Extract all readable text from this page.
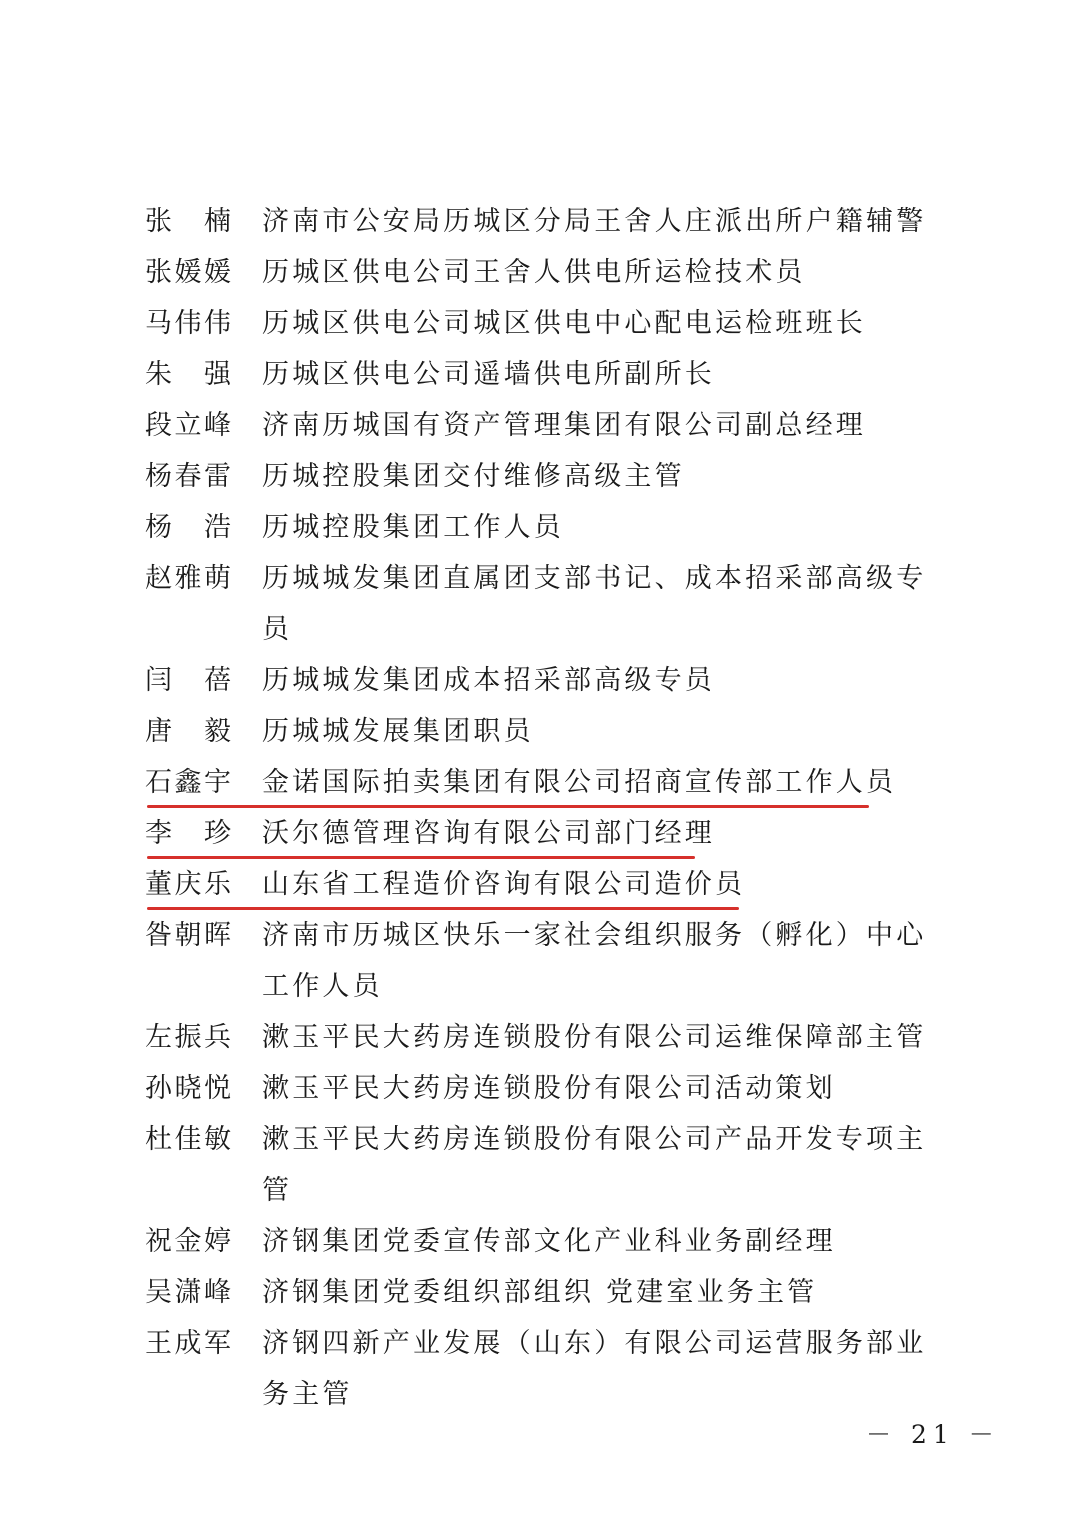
张　楠 济南市公安局历城区分局王舍人庄派出所户籍辅警
张媛媛 历城区供电公司王舍人供电所运检技术员
马伟伟 历城区供电公司城区供电中心配电运检班班长
朱　强 历城区供电公司遥墙供电所副所长
段立峰 济南历城国有资产管理集团有限公司副总经理
杨春雷 历城控股集团交付维修高级主管
杨　浩 历城控股集团工作人员
赵雅萌 历城城发集团直属团支部书记、成本招采部高级专员
闫　蓓 历城城发集团成本招采部高级专员
唐　毅 历城城发展集团职员
石鑫宇 金诺国际拍卖集团有限公司招商宣传部工作人员
李　珍 沃尔德管理咨询有限公司部门经理
董庆乐 山东省工程造价咨询有限公司造价员
昝朝晖 济南市历城区快乐一家社会组织服务（孵化）中心工作人员
左振兵 漱玉平民大药房连锁股份有限公司运维保障部主管
孙晓悦 漱玉平民大药房连锁股份有限公司活动策划
杜佳敏 漱玉平民大药房连锁股份有限公司产品开发专项主管
祝金婷 济钢集团党委宣传部文化产业科业务副经理
吴潇峰 济钢集团党委组织部组织 党建室业务主管
王成军 济钢四新产业发展（山东）有限公司运营服务部业务主管
－ 21 －
